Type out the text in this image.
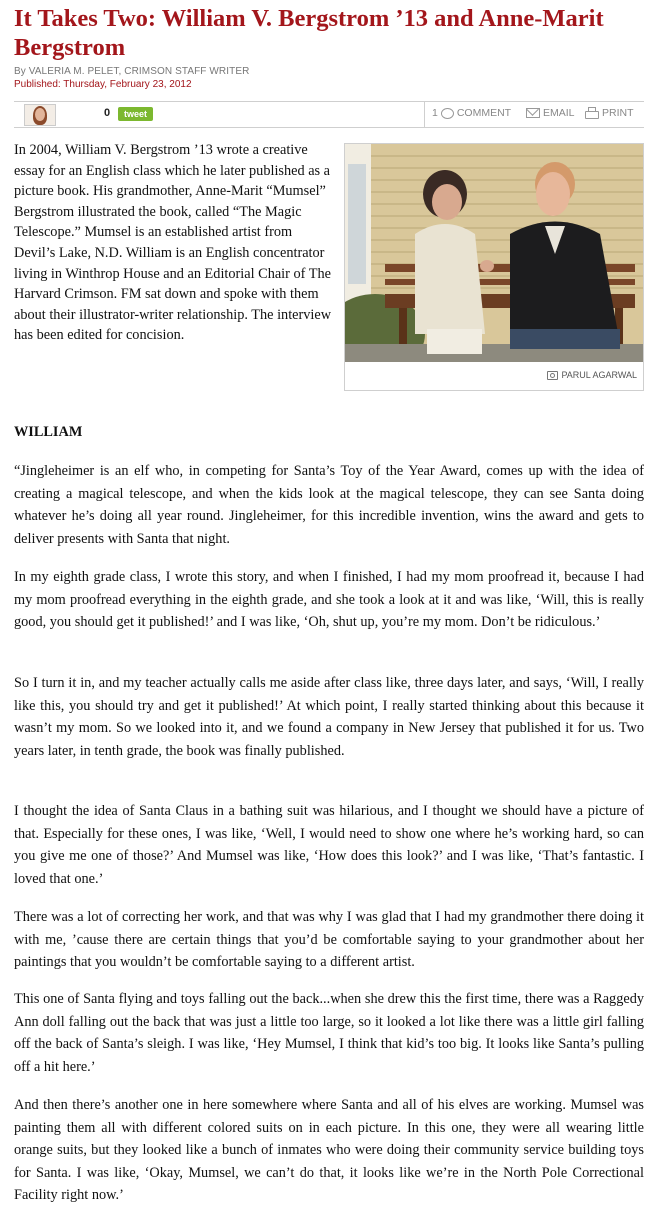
It Takes Two: William V. Bergstrom ’13 and Anne-Marit Bergstrom
By VALERIA M. PELET, CRIMSON STAFF WRITER
Published: Thursday, February 23, 2012
0	tweet	1 COMMENT	EMAIL	PRINT
PARUL AGARWAL

In 2004, William V. Bergstrom ’13 wrote a creative essay for an English class which he later published as a picture book. His grandmother, Anne-Marit “Mumsel” Bergstrom illustrated the book, called “The Magic Telescope.” Mumsel is an established artist from Devil’s Lake, N.D. William is an English concentrator living in Winthrop House and an Editorial Chair of The Harvard Crimson. FM sat down and spoke with them about their illustrator-writer relationship. The interview has been edited for concision.

WILLIAM

“Jingleheimer is an elf who, in competing for Santa’s Toy of the Year Award, comes up with the idea of creating a magical telescope, and when the kids look at the magical telescope, they can see Santa doing whatever he’s doing all year round. Jingleheimer, for this incredible invention, wins the award and gets to deliver presents with Santa that night.

In my eighth grade class, I wrote this story, and when I finished, I had my mom proofread it, because I had my mom proofread everything in the eighth grade, and she took a look at it and was like, ‘Will, this is really good, you should get it published!’ and I was like, ‘Oh, shut up, you’re my mom. Don’t be ridiculous.’

So I turn it in, and my teacher actually calls me aside after class like, three days later, and says, ‘Will, I really like this, you should try and get it published!’ At which point, I really started thinking about this because it wasn’t my mom. So we looked into it, and we found a company in New Jersey that published it for us. Two years later, in tenth grade, the book was finally published.

I thought the idea of Santa Claus in a bathing suit was hilarious, and I thought we should have a picture of that. Especially for these ones, I was like, ‘Well, I would need to show one where he’s working hard, so can you give me one of those?’ And Mumsel was like, ‘How does this look?’ and I was like, ‘That’s fantastic. I loved that one.’

There was a lot of correcting her work, and that was why I was glad that I had my grandmother there doing it with me, ’cause there are certain things that you’d be comfortable saying to your grandmother about her paintings that you wouldn’t be comfortable saying to a different artist.

This one of Santa flying and toys falling out the back...when she drew this the first time, there was a Raggedy Ann doll falling out the back that was just a little too large, so it looked a lot like there was a little girl falling off the back of Santa’s sleigh. I was like, ‘Hey Mumsel, I think that kid’s too big. It looks like Santa’s pulling off a hit here.’

And then there’s another one in here somewhere where Santa and all of his elves are working. Mumsel was painting them all with different colored suits on in each picture. In this one, they were all wearing little orange suits, but they looked like a bunch of inmates who were doing their community service building toys for Santa. I was like, ‘Okay, Mumsel, we can’t do that, it looks like we’re in the North Pole Correctional Facility right now.’
